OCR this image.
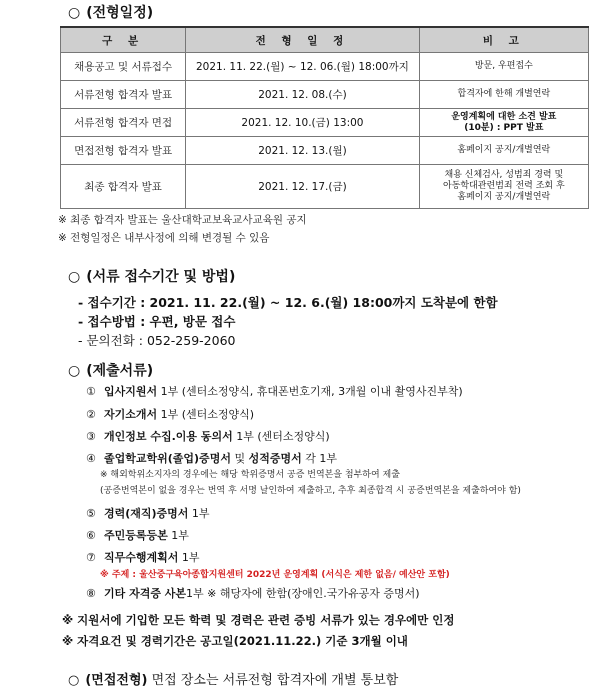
○ (전형일정)
구 분	전 형 일 정	비 고
채용공고 및 서류접수	2021. 11. 22.(월) ~ 12. 06.(월) 18:00까지	방문, 우편접수

서류전형 합격자 발표	2021. 12. 08.(수)	합격자에 한해 개별연락

서류전형 합격자 면접	2021. 12. 10.(금) 13:00	운영계획에 대한 소견 발표
(10분) : PPT 발표

면접전형 합격자 발표	2021. 12. 13.(월)	홈페이지 공지/개별연락

최종 합격자 발표	2021. 12. 17.(금)	채용 신체검사, 성범죄 경력 및
아동학대관련범죄 전력 조회 후
홈페이지 공지/개별연락
※ 최종 합격자 발표는 울산대학교보육교사교육원 공지
※ 전형일정은 내부사정에 의해 변경될 수 있음
○ (서류 접수기간 및 방법)
- 접수기간 : 2021. 11. 22.(월) ~ 12. 6.(월) 18:00까지 도착분에 한함
- 접수방법 : 우편, 방문 접수
- 문의전화 : 052-259-2060
○ (제출서류)
① 입사지원서 1부 (센터소정양식, 휴대폰번호기재, 3개월 이내 촬영사진부착)
② 자기소개서 1부 (센터소정양식)
③ 개인정보 수집.이용 동의서 1부 (센터소정양식)
④ 졸업학교학위(졸업)증명서 및 성적증명서 각 1부
※ 해외학위소지자의 경우에는 해당 학위증명서 공증 번역본을 첨부하여 제출
(공증번역본이 없을 경우는 번역 후 서명 날인하여 제출하고, 추후 최종합격 시 공증번역본을 제출하여야 함)
⑤ 경력(재직)증명서 1부
⑥ 주민등록등본 1부
⑦ 직무수행계획서 1부
※ 주제 : 울산중구육아종합지원센터 2022년 운영계획 (서식은 제한 없음/ 예산안 포함)
⑧ 기타 자격증 사본1부 ※ 해당자에 한함(장애인.국가유공자 증명서)
※ 지원서에 기입한 모든 학력 및 경력은 관련 증빙 서류가 있는 경우에만 인정
※ 자격요건 및 경력기간은 공고일(2021.11.22.) 기준 3개월 이내
○ (면접전형) 면접 장소는 서류전형 합격자에 개별 통보함
